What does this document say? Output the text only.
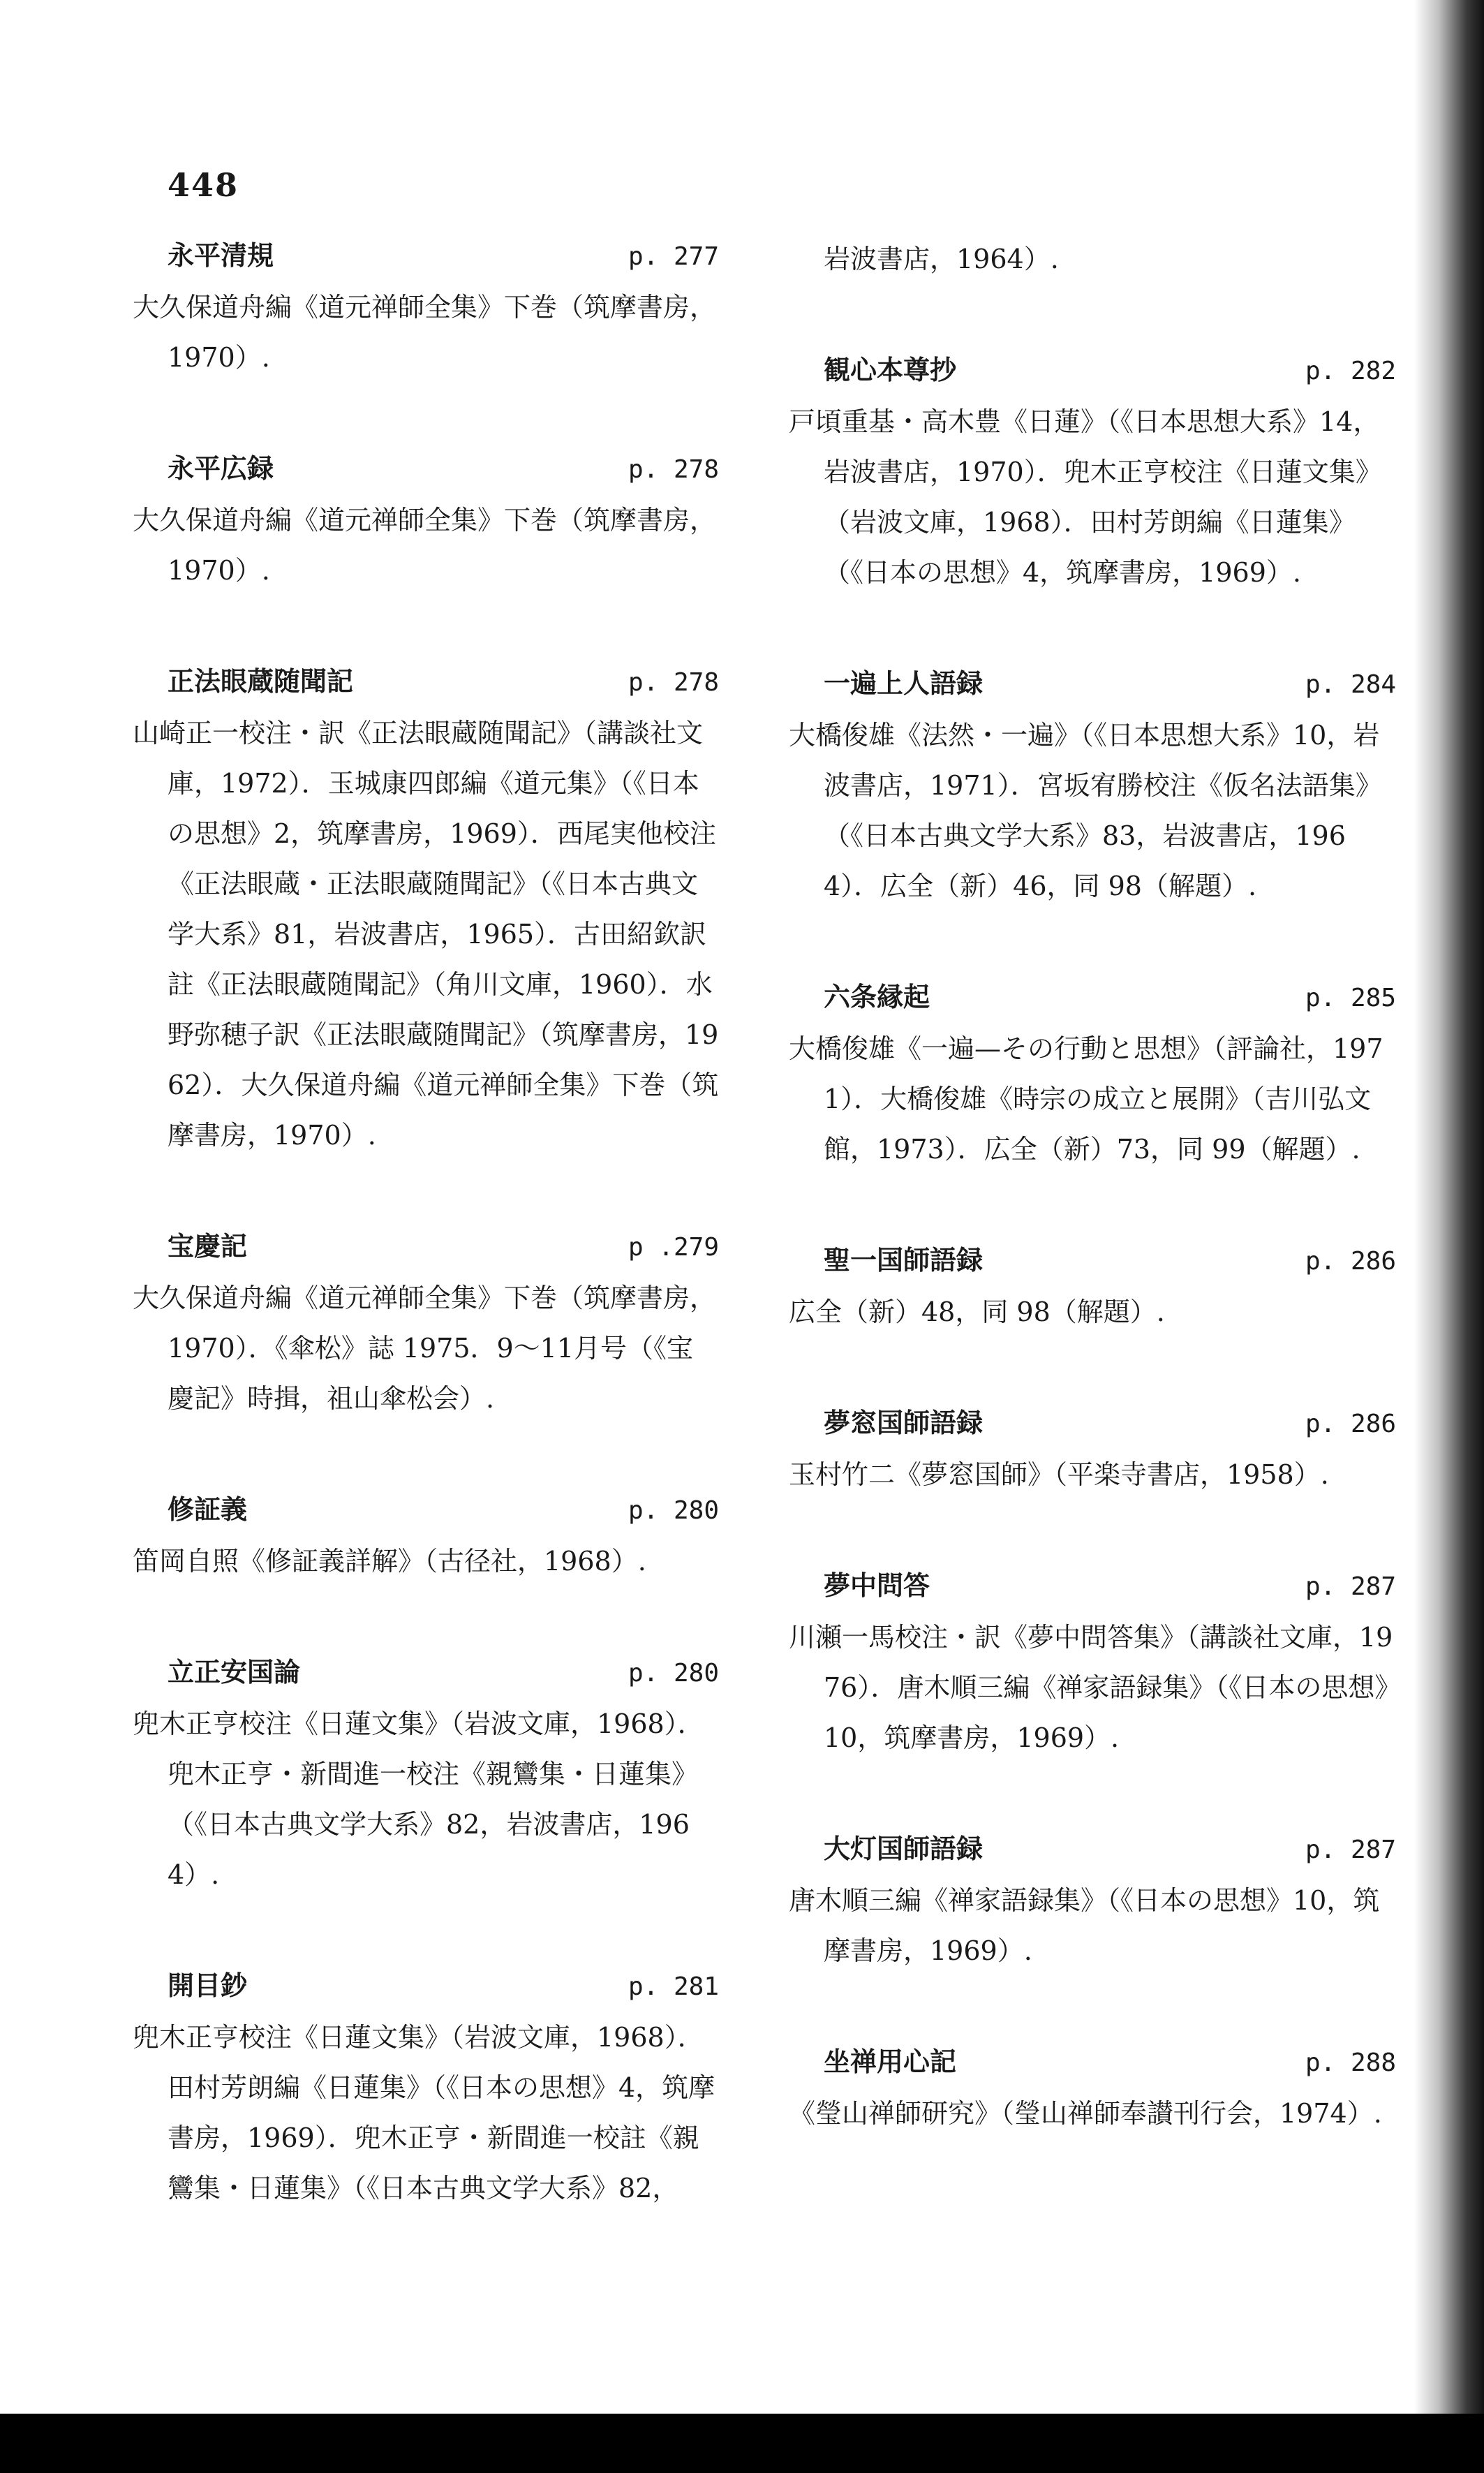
448
永平清規	p. 277
大久保道舟編《道元禅師全集》下巻（筑摩書房，1970）.
永平広録	p. 278
大久保道舟編《道元禅師全集》下巻（筑摩書房，1970）.
正法眼蔵随聞記	p. 278
山崎正一校注・訳《正法眼蔵随聞記》（講談社文庫，1972）．玉城康四郎編《道元集》（《日本の思想》2，筑摩書房，1969）．西尾実他校注《正法眼蔵・正法眼蔵随聞記》（《日本古典文学大系》81，岩波書店，1965）．古田紹欽訳註《正法眼蔵随聞記》（角川文庫，1960）．水野弥穂子訳《正法眼蔵随聞記》（筑摩書房，1962）．大久保道舟編《道元禅師全集》下巻（筑摩書房，1970）.
宝慶記	p .279
大久保道舟編《道元禅師全集》下巻（筑摩書房，1970）．《傘松》誌 1975．9〜11月号（《宝慶記》時揖，祖山傘松会）.
修証義	p. 280
笛岡自照《修証義詳解》（古径社，1968）.
立正安国論	p. 280
兜木正亨校注《日蓮文集》（岩波文庫，1968）．兜木正亨・新間進一校注《親鸞集・日蓮集》（《日本古典文学大系》82，岩波書店，1964）.
開目鈔	p. 281
兜木正亨校注《日蓮文集》（岩波文庫，1968）．田村芳朗編《日蓮集》（《日本の思想》4，筑摩書房，1969）．兜木正亨・新間進一校註《親鸞集・日蓮集》（《日本古典文学大系》82，
岩波書店，1964）.
観心本尊抄	p. 282
戸頃重基・高木豊《日蓮》（《日本思想大系》14，岩波書店，1970）．兜木正亨校注《日蓮文集》（岩波文庫，1968）．田村芳朗編《日蓮集》（《日本の思想》4，筑摩書房，1969）.
一遍上人語録	p. 284
大橋俊雄《法然・一遍》（《日本思想大系》10，岩波書店，1971）．宮坂宥勝校注《仮名法語集》（《日本古典文学大系》83，岩波書店，1964）．広全（新）46，同 98（解題）.
六条縁起	p. 285
大橋俊雄《一遍—その行動と思想》（評論社，1971）．大橋俊雄《時宗の成立と展開》（吉川弘文館，1973）．広全（新）73，同 99（解題）.
聖一国師語録	p. 286
広全（新）48，同 98（解題）.
夢窓国師語録	p. 286
玉村竹二《夢窓国師》（平楽寺書店，1958）.
夢中問答	p. 287
川瀬一馬校注・訳《夢中問答集》（講談社文庫，1976）．唐木順三編《禅家語録集》（《日本の思想》10，筑摩書房，1969）.
大灯国師語録	p. 287
唐木順三編《禅家語録集》（《日本の思想》10，筑摩書房，1969）.
坐禅用心記	p. 288
《瑩山禅師研究》（瑩山禅師奉讃刊行会，1974）.
